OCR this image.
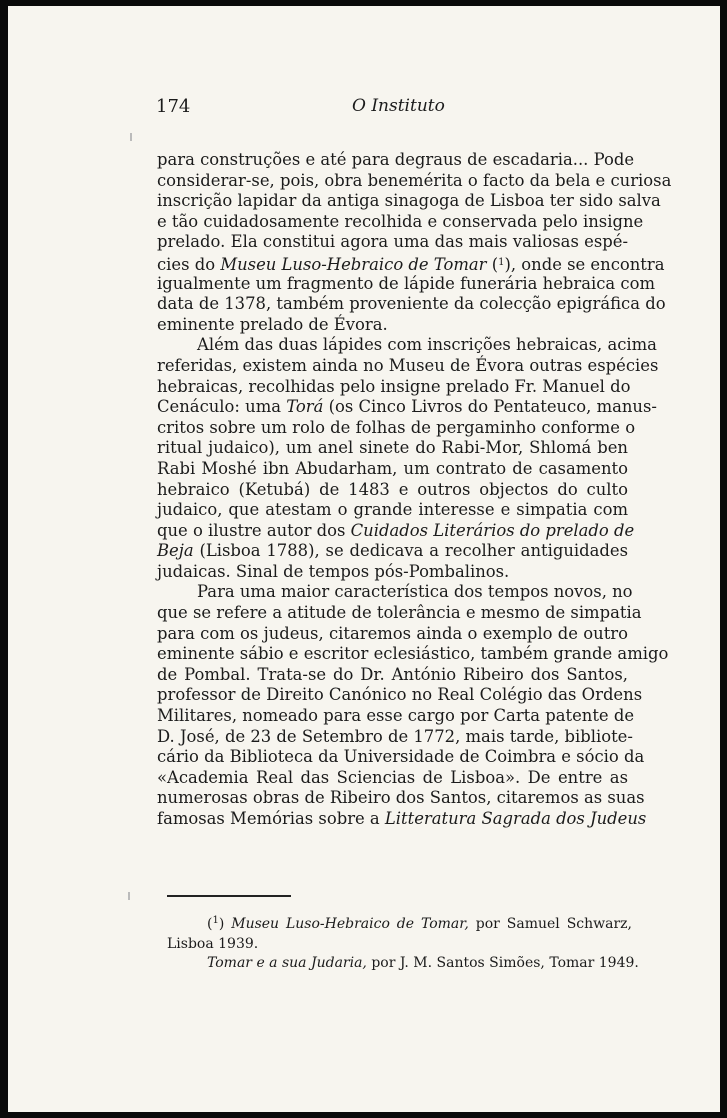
174	O Instituto
para construções e até para degraus de escadaria... Pode
considerar-se, pois, obra benemérita o facto da bela e curiosa
inscrição lapidar da antiga sinagoga de Lisboa ter sido salva
e tão cuidadosamente recolhida e conservada pelo insigne
prelado. Ela constitui agora uma das mais valiosas espé-
cies do Museu Luso-Hebraico de Tomar ($^1$), onde se encontra
igualmente um fragmento de lápide funerária hebraica com
data de 1378, também proveniente da colecção epigráfica do
eminente prelado de Évora.
Além das duas lápides com inscrições hebraicas, acima
referidas, existem ainda no Museu de Évora outras espécies
hebraicas, recolhidas pelo insigne prelado Fr. Manuel do
Cenáculo: uma Torá (os Cinco Livros do Pentateuco, manus-
critos sobre um rolo de folhas de pergaminho conforme o
ritual judaico), um anel sinete do Rabi-Mor, Shlomá ben
Rabi Moshé ibn Abudarham, um contrato de casamento
hebraico (Ketubá) de 1483 e outros objectos do culto
judaico, que atestam o grande interesse e simpatia com
que o ilustre autor dos Cuidados Literários do prelado de
Beja (Lisboa 1788), se dedicava a recolher antiguidades
judaicas. Sinal de tempos pós-Pombalinos.
Para uma maior característica dos tempos novos, no
que se refere a atitude de tolerância e mesmo de simpatia
para com os judeus, citaremos ainda o exemplo de outro
eminente sábio e escritor eclesiástico, também grande amigo
de Pombal. Trata-se do Dr. António Ribeiro dos Santos,
professor de Direito Canónico no Real Colégio das Ordens
Militares, nomeado para esse cargo por Carta patente de
D. José, de 23 de Setembro de 1772, mais tarde, bibliote-
cário da Biblioteca da Universidade de Coimbra e sócio da
«Academia Real das Sciencias de Lisboa». De entre as
numerosas obras de Ribeiro dos Santos, citaremos as suas
famosas Memórias sobre a Litteratura Sagrada dos Judeus
($^1$) Museu Luso-Hebraico de Tomar, por Samuel Schwarz,
Lisboa 1939.
Tomar e a sua Judaria, por J. M. Santos Simões, Tomar 1949.
